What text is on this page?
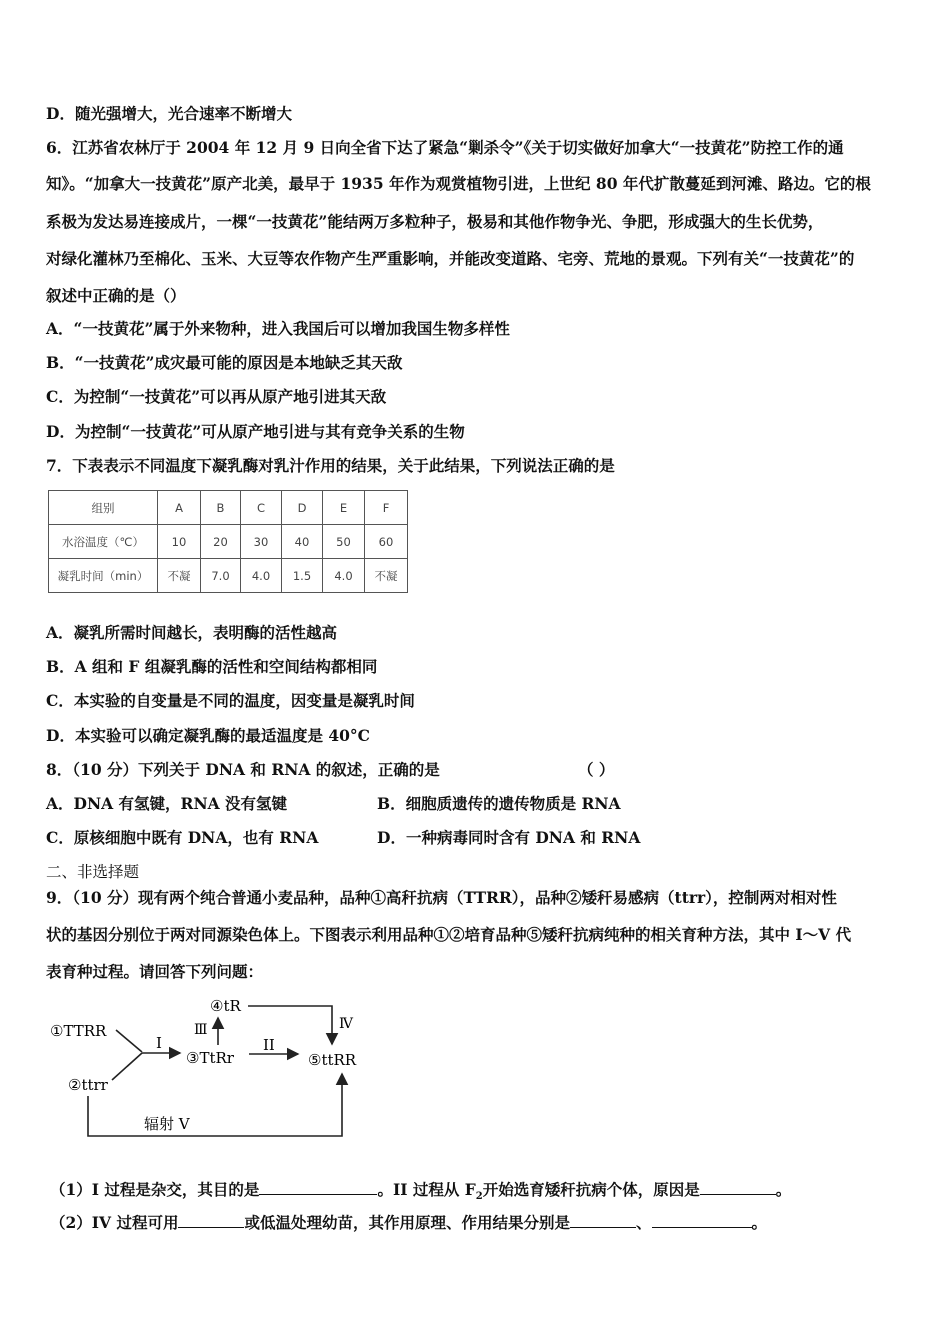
D．随光强增大，光合速率不断增大
6．江苏省农林厅于 2004 年 12 月 9 日向全省下达了紧急“剿杀令”《关于切实做好加拿大“一技黄花”防控工作的通
知》。“加拿大一技黄花”原产北美，最早于 1935 年作为观赏植物引进，上世纪 80 年代扩散蔓延到河滩、路边。它的根
系极为发达易连接成片，一棵“一技黄花”能结两万多粒种子，极易和其他作物争光、争肥，形成强大的生长优势，
对绿化灌林乃至棉化、玉米、大豆等农作物产生严重影响，并能改变道路、宅旁、荒地的景观。下列有关“一技黄花”的
叙述中正确的是（）
A．“一技黄花”属于外来物种，进入我国后可以增加我国生物多样性
B．“一技黄花”成灾最可能的原因是本地缺乏其天敌
C．为控制“一技黄花”可以再从原产地引进其天敌
D．为控制“一技黄花”可从原产地引进与其有竞争关系的生物
7．下表表示不同温度下凝乳酶对乳汁作用的结果，关于此结果，下列说法正确的是
组别	A	B	C	D	E	F
水浴温度（℃）	10	20	30	40	50	60
凝乳时间（min）	不凝	7.0	4.0	1.5	4.0	不凝
A．凝乳所需时间越长，表明酶的活性越高
B．A 组和 F 组凝乳酶的活性和空间结构都相同
C．本实验的自变量是不同的温度，因变量是凝乳时间
D．本实验可以确定凝乳酶的最适温度是 40°C
8．（10 分）下列关于 DNA 和 RNA 的叙述，正确的是	（ ）
A．DNA 有氢键，RNA 没有氢键	B．细胞质遗传的遗传物质是 RNA
C．原核细胞中既有 DNA，也有 RNA	D．一种病毒同时含有 DNA 和 RNA
二、非选择题
9．（10 分）现有两个纯合普通小麦品种，品种①高秆抗病（TTRR），品种②矮秆易感病（ttrr），控制两对相对性
状的基因分别位于两对同源染色体上。下图表示利用品种①②培育品种⑤矮秆抗病纯种的相关育种方法，其中 I～V 代
表育种过程。请回答下列问题：
①TTRR
②ttrr
③TtRr
④tR
⑤ttRR
I	II
Ⅲ	Ⅳ
辐射 V
（1）I 过程是杂交，其目的是	。II 过程从 $F_2$开始选育矮秆抗病个体，原因是	。
（2）IV 过程可用	或低温处理幼苗，其作用原理、作用结果分别是	、	。
